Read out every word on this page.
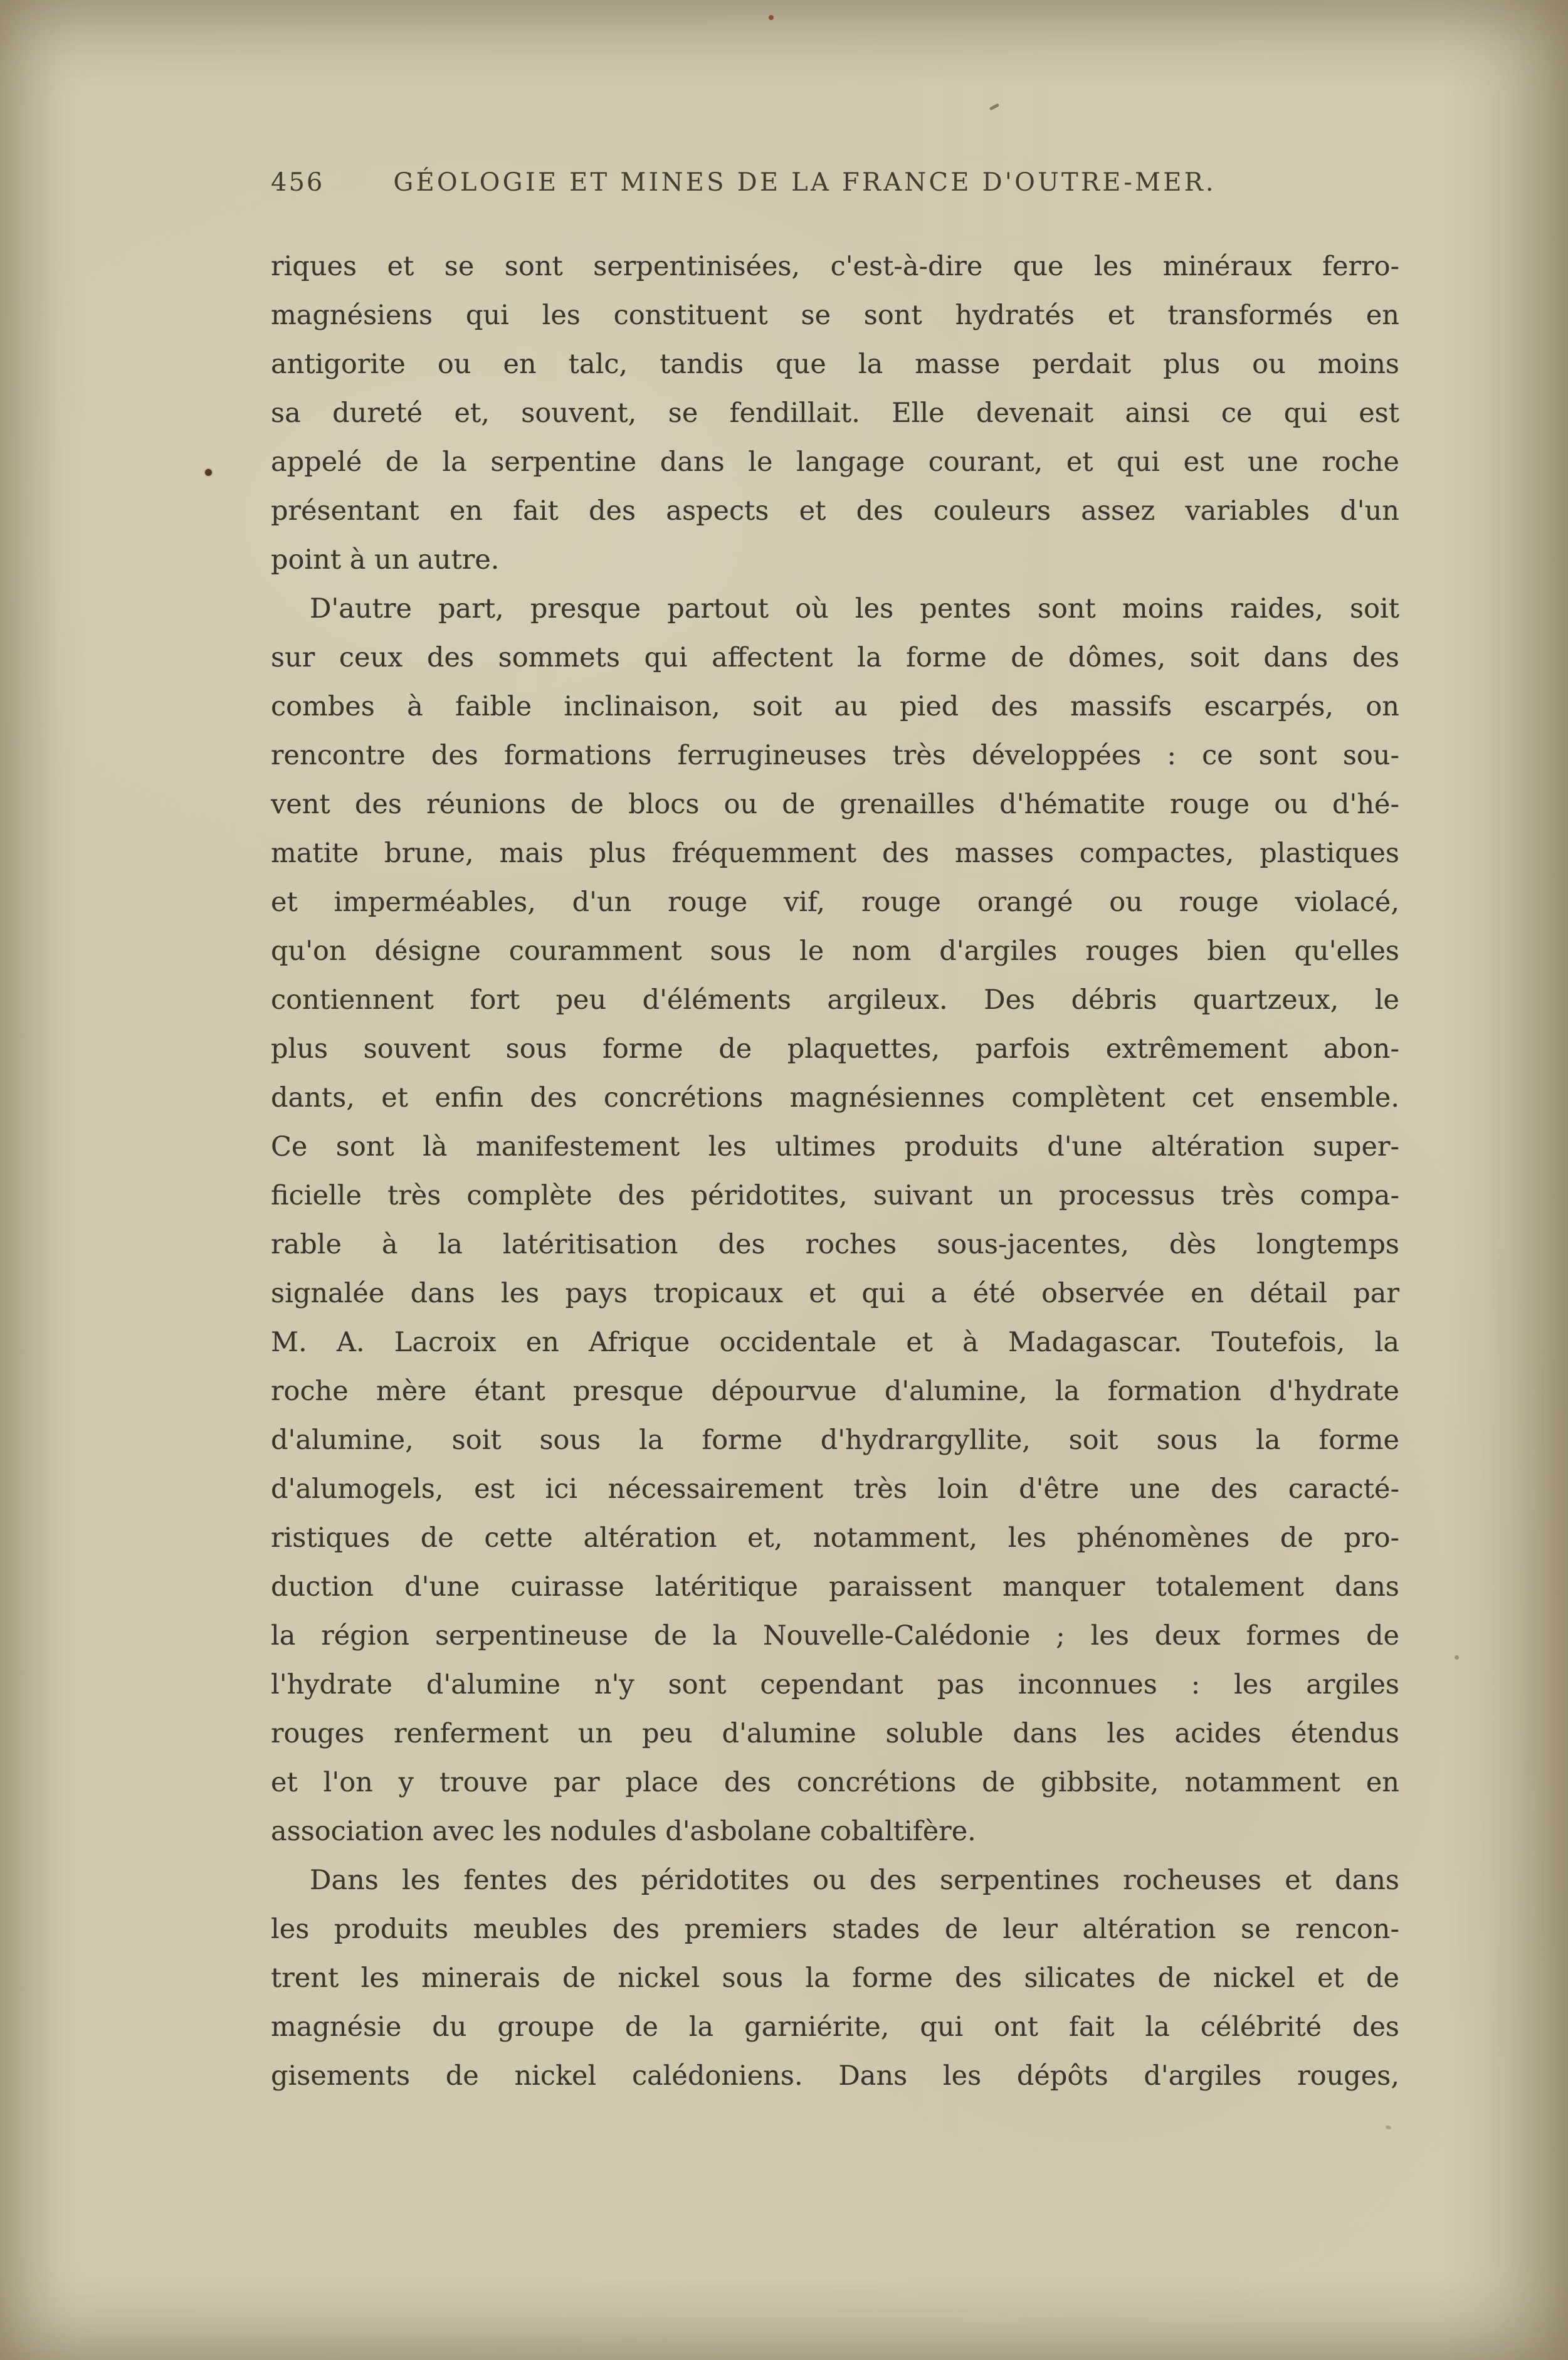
456	GÉOLOGIE ET MINES DE LA FRANCE D'OUTRE-MER.
riques et se sont serpentinisées, c'est-à-dire que les minéraux ferro-
magnésiens qui les constituent se sont hydratés et transformés en
antigorite ou en talc, tandis que la masse perdait plus ou moins
sa dureté et, souvent, se fendillait. Elle devenait ainsi ce qui est
appelé de la serpentine dans le langage courant, et qui est une roche
présentant en fait des aspects et des couleurs assez variables d'un
point à un autre.
D'autre part, presque partout où les pentes sont moins raides, soit
sur ceux des sommets qui affectent la forme de dômes, soit dans des
combes à faible inclinaison, soit au pied des massifs escarpés, on
rencontre des formations ferrugineuses très développées : ce sont sou-
vent des réunions de blocs ou de grenailles d'hématite rouge ou d'hé-
matite brune, mais plus fréquemment des masses compactes, plastiques
et imperméables, d'un rouge vif, rouge orangé ou rouge violacé,
qu'on désigne couramment sous le nom d'argiles rouges bien qu'elles
contiennent fort peu d'éléments argileux. Des débris quartzeux, le
plus souvent sous forme de plaquettes, parfois extrêmement abon-
dants, et enfin des concrétions magnésiennes complètent cet ensemble.
Ce sont là manifestement les ultimes produits d'une altération super-
ficielle très complète des péridotites, suivant un processus très compa-
rable à la latéritisation des roches sous-jacentes, dès longtemps
signalée dans les pays tropicaux et qui a été observée en détail par
M. A. Lacroix en Afrique occidentale et à Madagascar. Toutefois, la
roche mère étant presque dépourvue d'alumine, la formation d'hydrate
d'alumine, soit sous la forme d'hydrargyllite, soit sous la forme
d'alumogels, est ici nécessairement très loin d'être une des caracté-
ristiques de cette altération et, notamment, les phénomènes de pro-
duction d'une cuirasse latéritique paraissent manquer totalement dans
la région serpentineuse de la Nouvelle-Calédonie ; les deux formes de
l'hydrate d'alumine n'y sont cependant pas inconnues : les argiles
rouges renferment un peu d'alumine soluble dans les acides étendus
et l'on y trouve par place des concrétions de gibbsite, notamment en
association avec les nodules d'asbolane cobaltifère.
Dans les fentes des péridotites ou des serpentines rocheuses et dans
les produits meubles des premiers stades de leur altération se rencon-
trent les minerais de nickel sous la forme des silicates de nickel et de
magnésie du groupe de la garniérite, qui ont fait la célébrité des
gisements de nickel calédoniens. Dans les dépôts d'argiles rouges,
